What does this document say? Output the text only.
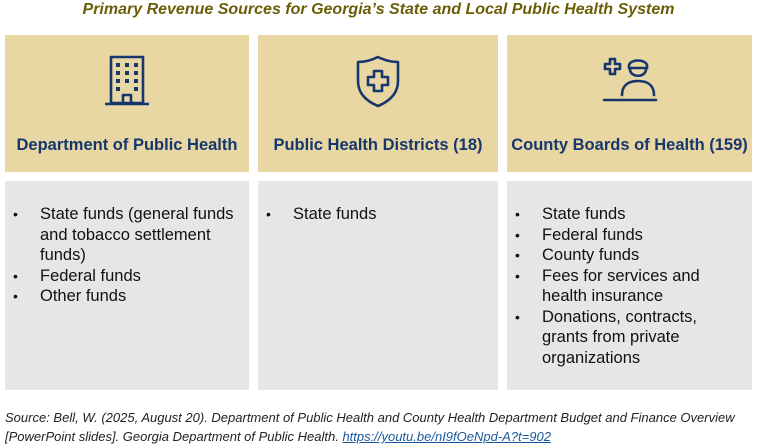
Primary Revenue Sources for Georgia’s State and Local Public Health System
Department of Public Health
• State funds (general funds and tobacco settlement funds)
• Federal funds
• Other funds
Public Health Districts (18)
• State funds
County Boards of Health (159)
• State funds
• Federal funds
• County funds
• Fees for services and health insurance
• Donations, contracts, grants from private organizations
Source: Bell, W. (2025, August 20). Department of Public Health and County Health Department Budget and Finance Overview [PowerPoint slides]. Georgia Department of Public Health. https://youtu.be/nI9fOeNpd-A?t=902
